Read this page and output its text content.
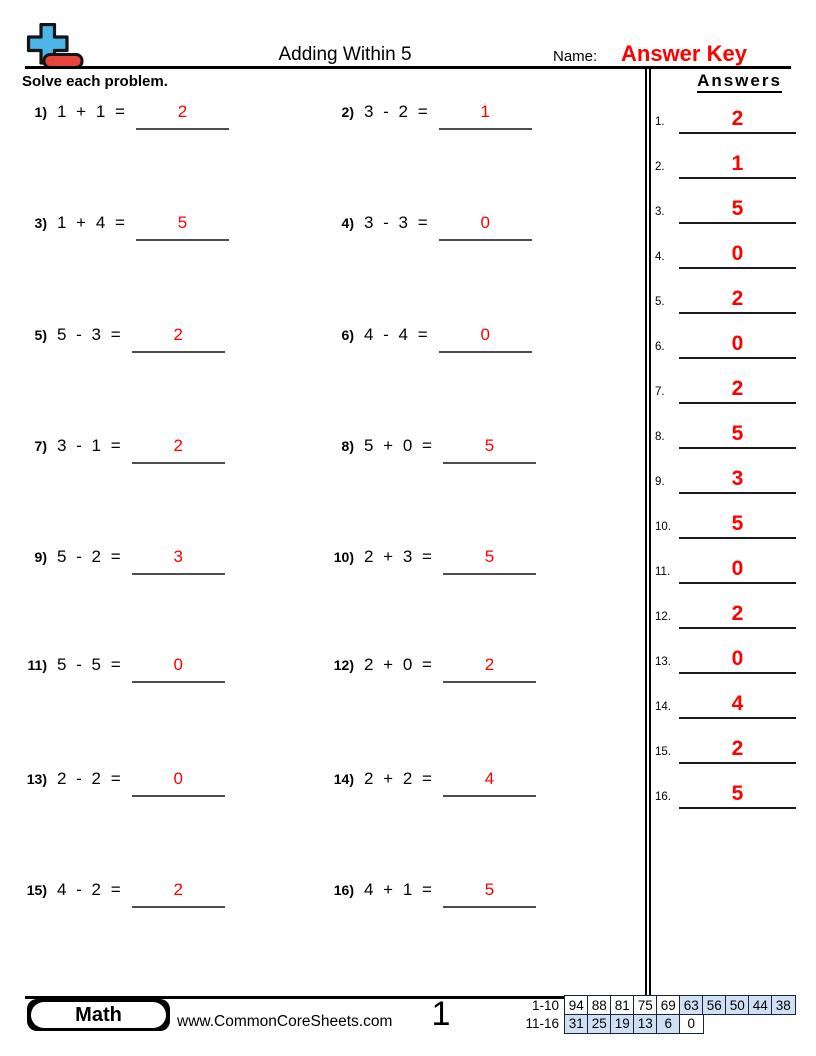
Adding Within 5	Name: Answer Key
Solve each problem.
1) 1 + 1 =	2	2) 3 - 2 =	1
3) 1 + 4 =	5	4) 3 - 3 =	0
5) 5 - 3 =	2	6) 4 - 4 =	0
7) 3 - 1 =	2	8) 5 + 0 =	5
9) 5 - 2 =	3	10) 2 + 3 =	5
11) 5 - 5 =	0	12) 2 + 0 =	2
13) 2 - 2 =	0	14) 2 + 2 =	4
15) 4 - 2 =	2	16) 4 + 1 =	5
Answers
1.	2
2.	1
3.	5
4.	0
5.	2
6.	0
7.	2
8.	5
9.	3
10.	5
11.	0
12.	2
13.	0
14.	4
15.	2
16.	5
Math	www.CommonCoreSheets.com	1	1-10 94 88 81 75 69 63 56 50 44 38
11-16 31 25 19 13 6	0
